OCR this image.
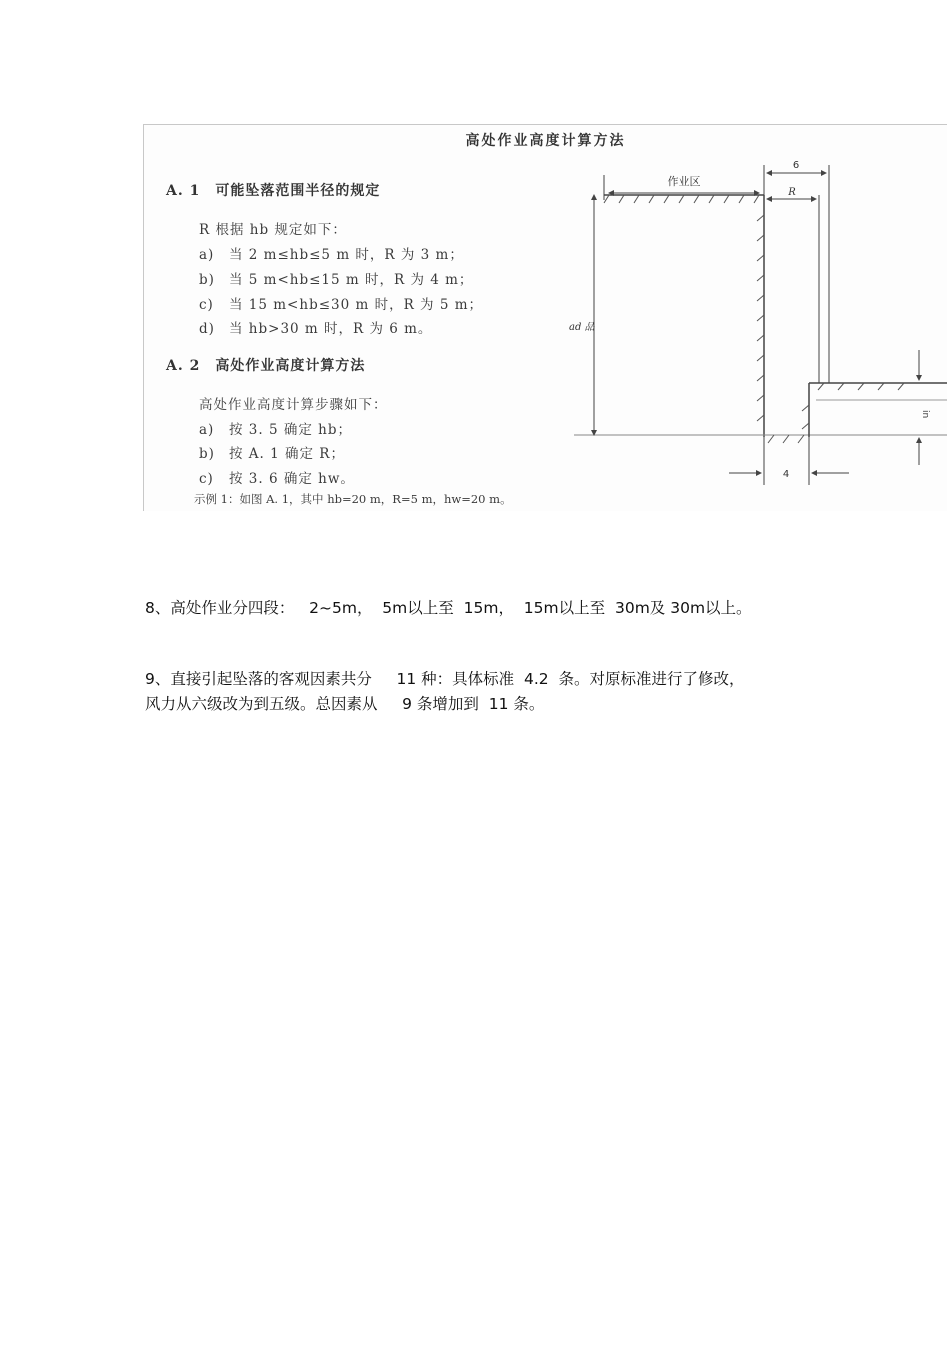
高处作业高度计算方法
A. 1　可能坠落范围半径的规定
R 根据 hb 规定如下：
a) 当 2 m≤hb≤5 m 时，R 为 3 m；
b) 当 5 m<hb≤15 m 时，R 为 4 m；
c) 当 15 m<hb≤30 m 时，R 为 5 m；
d) 当 hb>30 m 时，R 为 6 m。
A. 2　高处作业高度计算方法
高处作业高度计算步骤如下：
a) 按 3. 5 确定 hb；
b) 按 A. 1 确定 R；
c) 按 3. 6 确定 hw。
示例 1：如图 A. 1，其中 hb=20 m，R=5 m，hw=20 m。
作业区
6
R
ad 品
in
4
8、高处作业分四段：   2~5m，  5m以上至  15m，  15m以上至  30m及 30m以上。
9、直接引起坠落的客观因素共分     11 种：具体标准  4.2  条。对原标准进行了修改，
风力从六级改为到五级。总因素从     9 条增加到  11 条。
